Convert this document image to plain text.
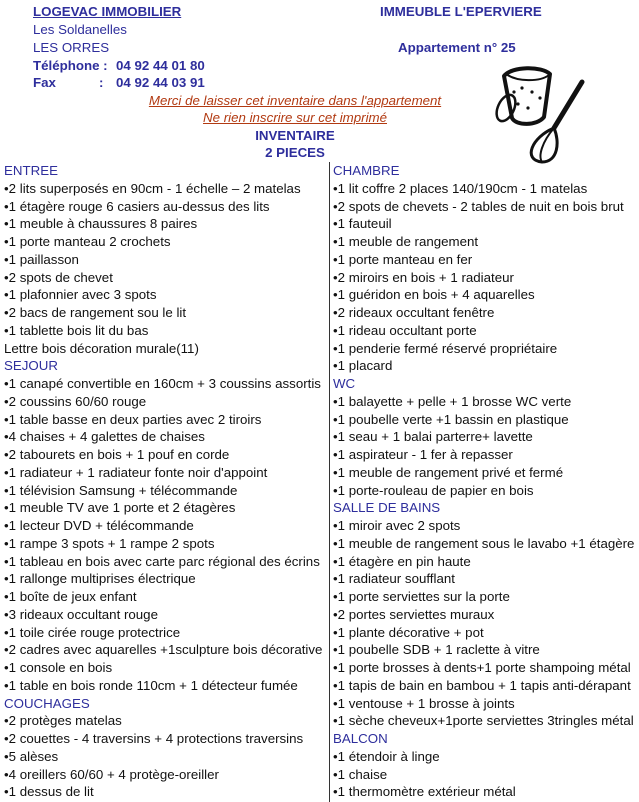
LOGEVAC IMMOBILIER
Les Soldanelles
LES ORRES
Téléphone : 04 92 44 01 80
Fax	: 04 92 44 03 91
IMMEUBLE L'EPERVIERE
Appartement n° 25
Merci de laisser cet inventaire dans l'appartement
Ne rien inscrire sur cet imprimé
INVENTAIRE
2 PIECES
ENTREE
•2 lits superposés en 90cm - 1 échelle – 2 matelas
•1 étagère rouge 6 casiers au-dessus des lits
•1 meuble à chaussures 8 paires
•1 porte manteau 2 crochets
•1 paillasson
•2 spots de chevet
•1 plafonnier avec 3 spots
•2 bacs de rangement sou le lit
•1 tablette bois lit du bas
Lettre bois décoration murale(11)
SEJOUR
•1 canapé convertible en 160cm + 3 coussins assortis
•2 coussins 60/60 rouge
•1 table basse en deux parties avec 2 tiroirs
•4 chaises + 4 galettes de chaises
•2 tabourets en bois + 1 pouf en corde
•1 radiateur + 1 radiateur fonte noir d'appoint
•1 télévision Samsung + télécommande
•1 meuble TV ave 1 porte et 2 étagères
•1 lecteur DVD + télécommande
•1 rampe 3 spots + 1 rampe 2 spots
•1 tableau en bois avec carte parc régional des écrins
•1 rallonge multiprises électrique
•1 boîte de jeux enfant
•3 rideaux occultant rouge
•1 toile cirée rouge protectrice
•2 cadres avec aquarelles +1sculpture bois décorative
•1 console en bois
•1 table en bois ronde 110cm + 1 détecteur fumée
COUCHAGES
•2 protèges matelas
•2 couettes - 4 traversins + 4 protections traversins
•5 alèses
•4 oreillers 60/60 + 4 protège-oreiller
•1 dessus de lit
CHAMBRE
•1 lit coffre 2 places 140/190cm - 1 matelas
•2 spots de chevets - 2 tables de nuit en bois brut
•1 fauteuil
•1 meuble de rangement
•1 porte manteau en fer
•2 miroirs en bois + 1 radiateur
•1 guéridon en bois + 4 aquarelles
•2 rideaux occultant fenêtre
•1 rideau occultant porte
•1 penderie fermé réservé propriétaire
•1 placard
WC
•1 balayette + pelle + 1 brosse WC verte
•1 poubelle verte +1 bassin en plastique
•1 seau + 1 balai parterre+ lavette
•1 aspirateur - 1 fer à repasser
•1 meuble de rangement privé et fermé
•1 porte-rouleau de papier en bois
SALLE DE BAINS
•1 miroir avec 2 spots
•1 meuble de rangement sous le lavabo +1 étagère
•1 étagère en pin haute
•1 radiateur soufflant
•1 porte serviettes sur la porte
•2 portes serviettes muraux
•1 plante décorative + pot
•1 poubelle SDB + 1 raclette à vitre
•1 porte brosses à dents+1 porte shampoing métal
•1 tapis de bain en bambou + 1 tapis anti-dérapant
•1 ventouse + 1 brosse à joints
•1 sèche cheveux+1porte serviettes 3tringles métal
BALCON
•1 étendoir à linge
•1 chaise
•1 thermomètre extérieur métal
